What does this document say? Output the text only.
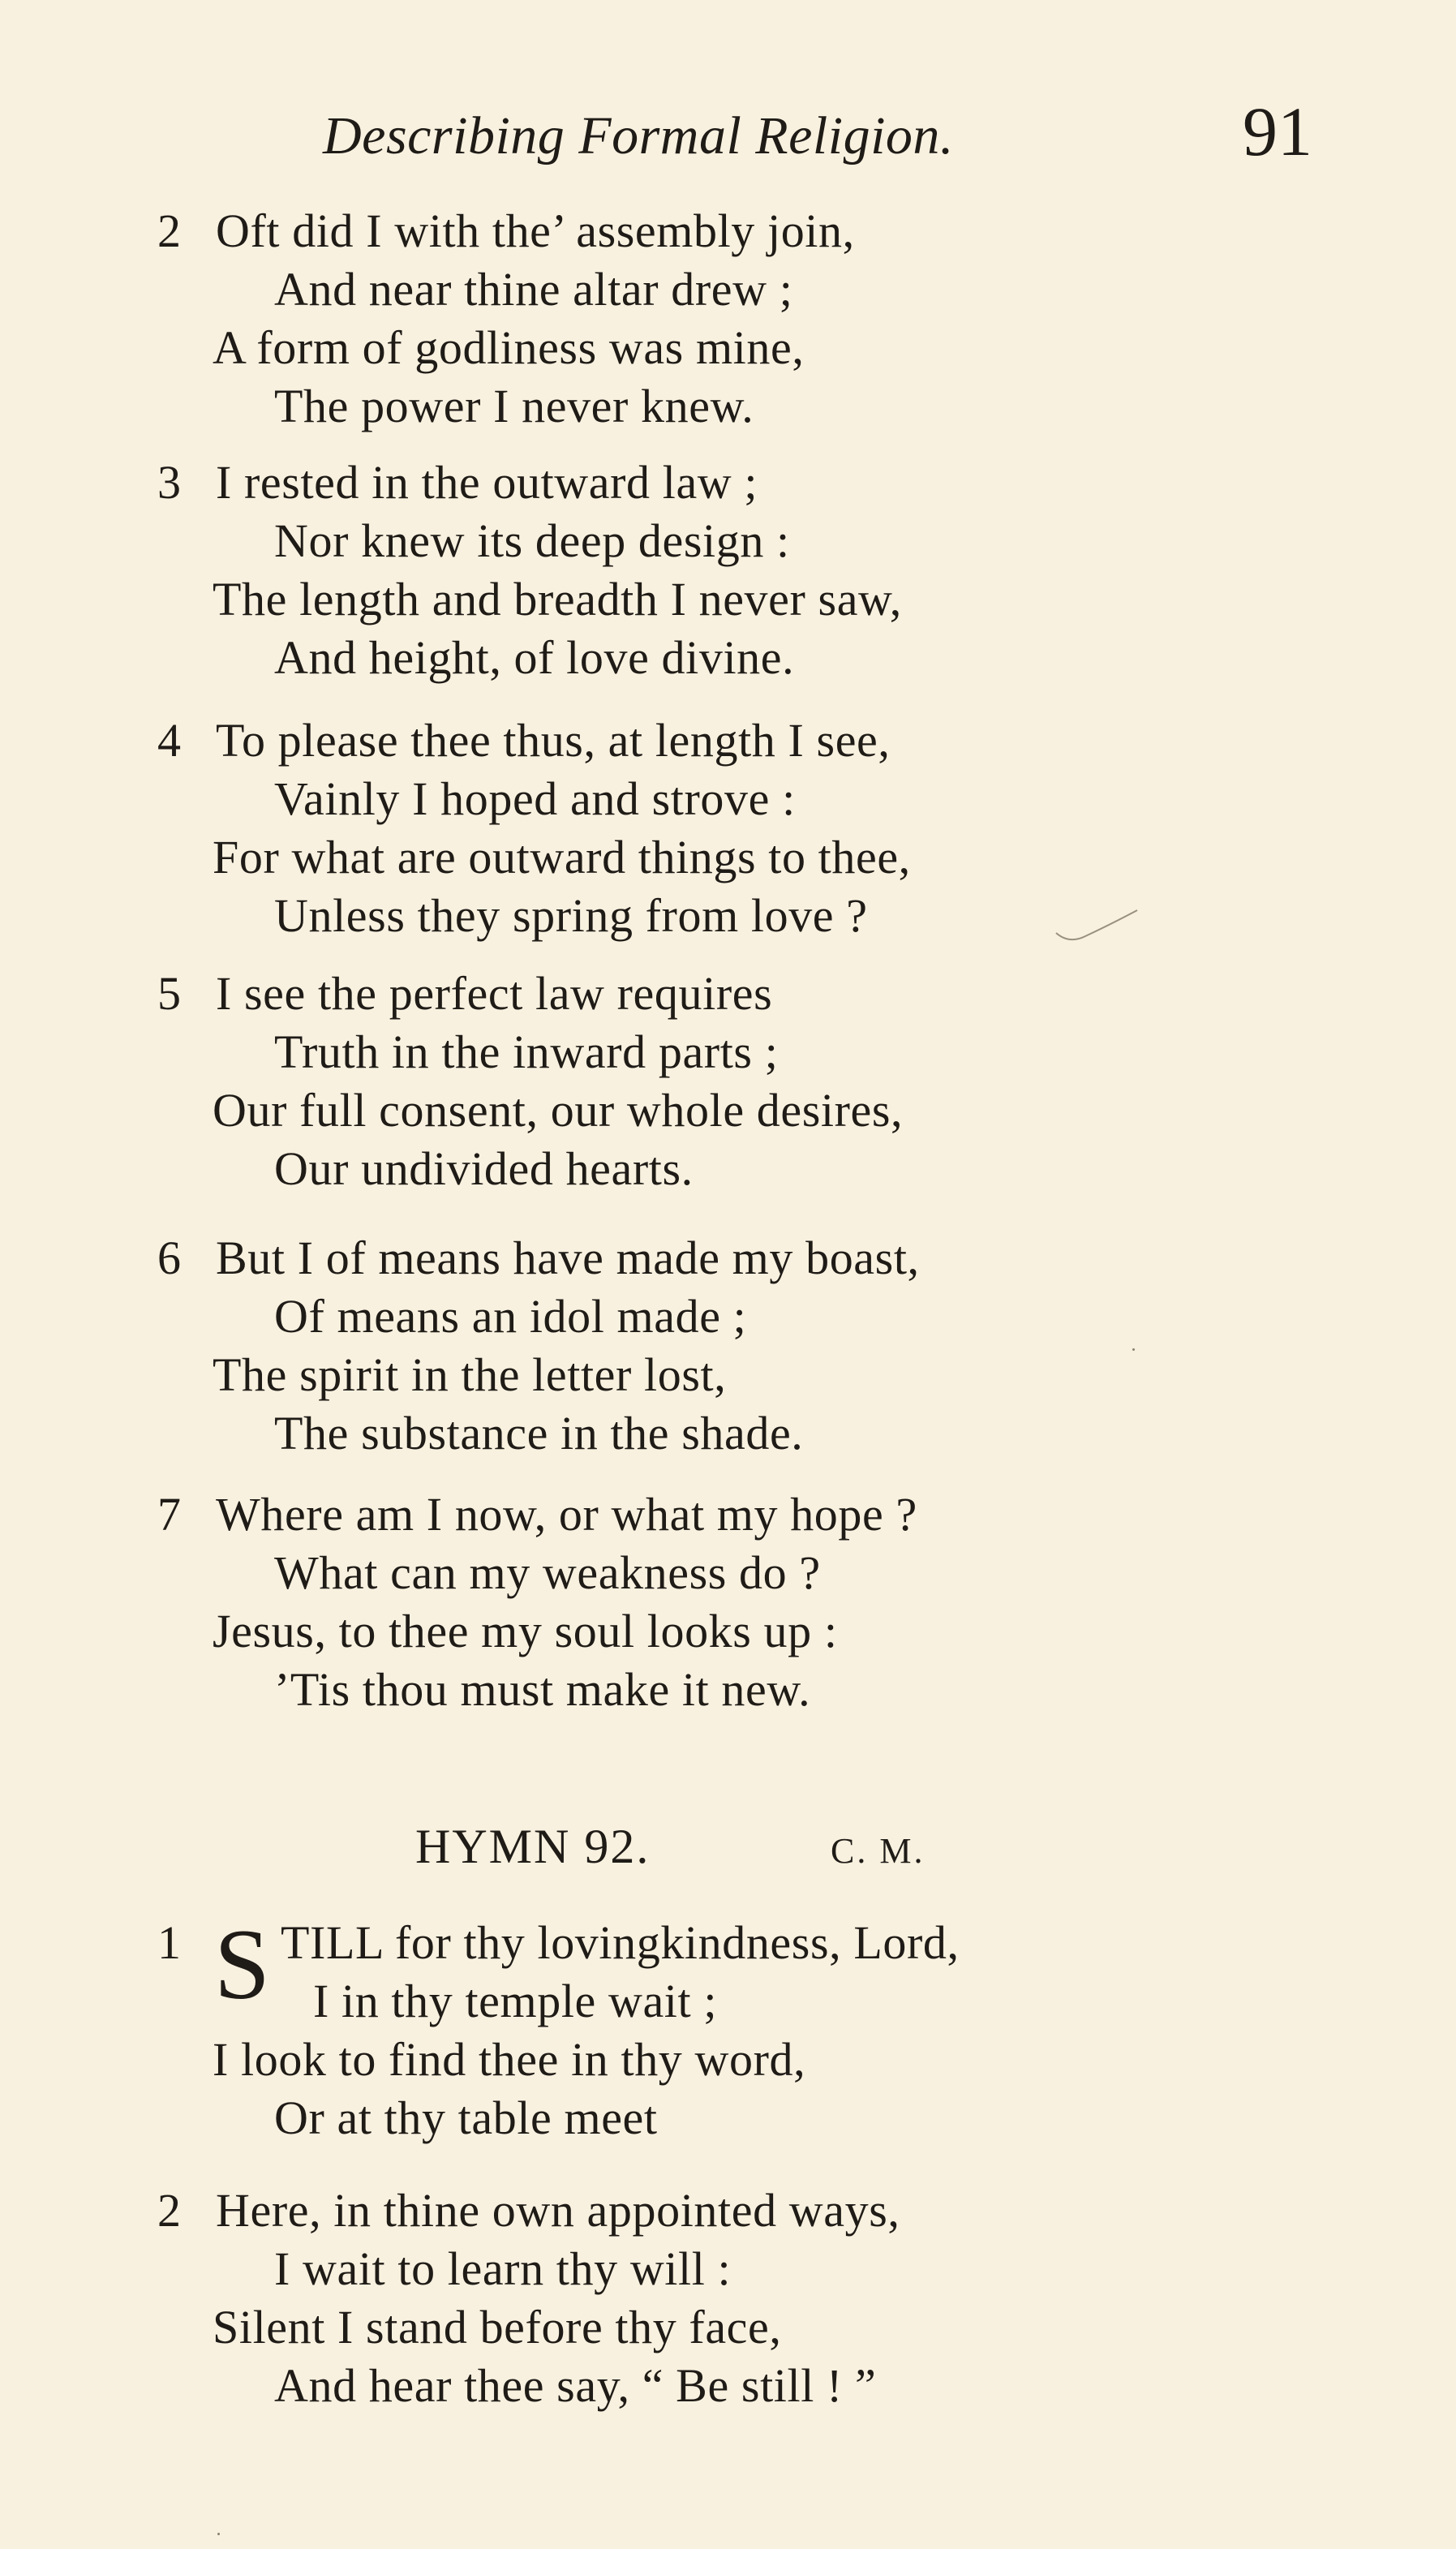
Describing Formal Religion.	91
2 Oft did I with the’ assembly join,
And near thine altar drew ;
A form of godliness was mine,
The power I never knew.
3 I rested in the outward law ;
Nor knew its deep design :
The length and breadth I never saw,
And height, of love divine.
4 To please thee thus, at length I see,
Vainly I hoped and strove :
For what are outward things to thee,
Unless they spring from love ?
5 I see the perfect law requires
Truth in the inward parts ;
Our full consent, our whole desires,
Our undivided hearts.
6 But I of means have made my boast,
Of means an idol made ;
The spirit in the letter lost,
The substance in the shade.
7 Where am I now, or what my hope ?
What can my weakness do ?
Jesus, to thee my soul looks up :
’Tis thou must make it new.
HYMN 92.	C. M.
1 S TILL for thy lovingkindness, Lord,
I in thy temple wait ;
I look to find thee in thy word,
Or at thy table meet
2 Here, in thine own appointed ways,
I wait to learn thy will :
Silent I stand before thy face,
And hear thee say, “ Be still ! ”
